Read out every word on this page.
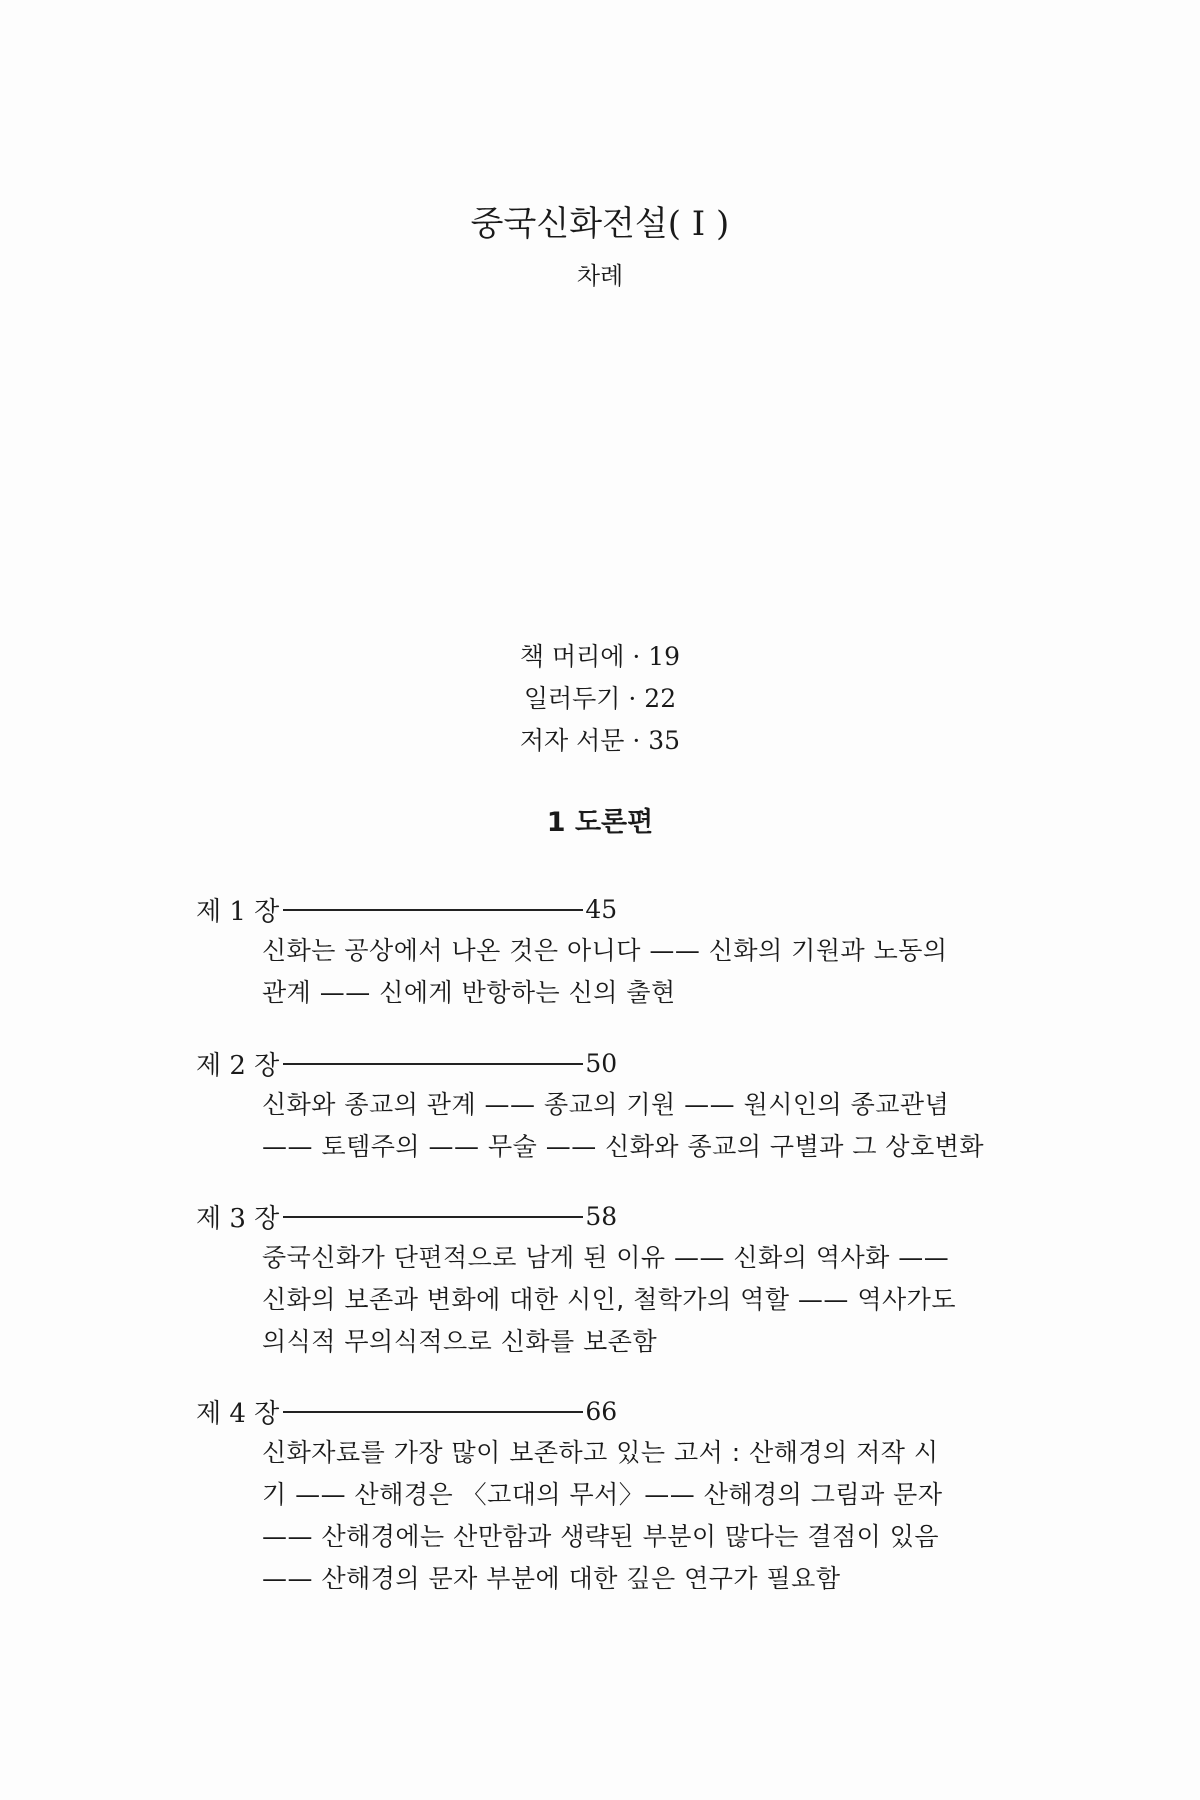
중국신화전설( I )
차례
책 머리에 · 19
일러두기 · 22
저자 서문 · 35
1 도론편
제 1 장	45
신화는 공상에서 나온 것은 아니다 —— 신화의 기원과 노동의
관계 —— 신에게 반항하는 신의 출현
제 2 장	50
신화와 종교의 관계 —— 종교의 기원 —— 원시인의 종교관념
—— 토템주의 —— 무술 —— 신화와 종교의 구별과 그 상호변화
제 3 장	58
중국신화가 단편적으로 남게 된 이유 —— 신화의 역사화 ——
신화의 보존과 변화에 대한 시인, 철학가의 역할 —— 역사가도
의식적 무의식적으로 신화를 보존함
제 4 장	66
신화자료를 가장 많이 보존하고 있는 고서 : 산해경의 저작 시
기 —— 산해경은 〈고대의 무서〉—— 산해경의 그림과 문자
—— 산해경에는 산만함과 생략된 부분이 많다는 결점이 있음
—— 산해경의 문자 부분에 대한 깊은 연구가 필요함
